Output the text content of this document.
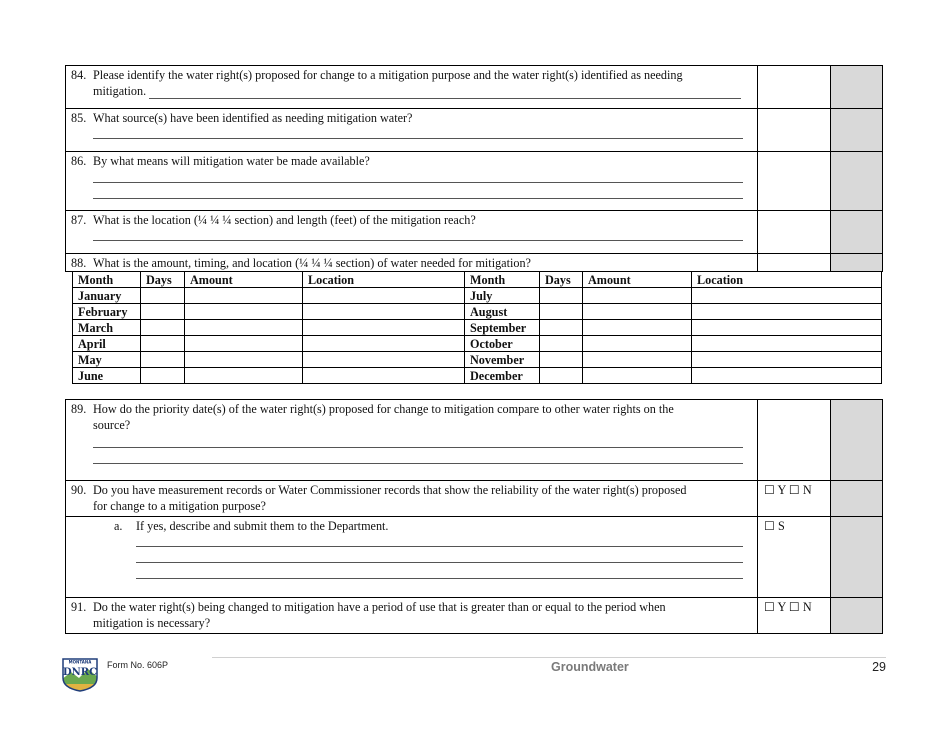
84. Please identify the water right(s) proposed for change to a mitigation purpose and the water right(s) identified as needing
mitigation.		

85. What source(s) have been identified as needing mitigation water?		

86. By what means will mitigation water be made available?		

87. What is the location (¼ ¼ ¼ section) and length (feet) of the mitigation reach?		

88. What is the amount, timing, and location (¼ ¼ ¼ section) of water needed for mitigation?		

Month	Days	Amount	Location	Month	Days	Amount	Location
January				July			
February				August			
March				September			
April				October			
May				November			
June				December			
89. How do the priority date(s) of the water right(s) proposed for change to mitigation compare to other water rights on the
source?		

90. Do you have measurement records or Water Commissioner records that show the reliability of the water right(s) proposed
for change to a mitigation purpose?	☐ Y ☐ N	

a. If yes, describe and submit them to the Department.	☐ S	

91. Do the water right(s) being changed to mitigation have a period of use that is greater than or equal to the period when
mitigation is necessary?	☐ Y ☐ N	

MONTANA
DNRC
Form No. 606P	Groundwater	29
